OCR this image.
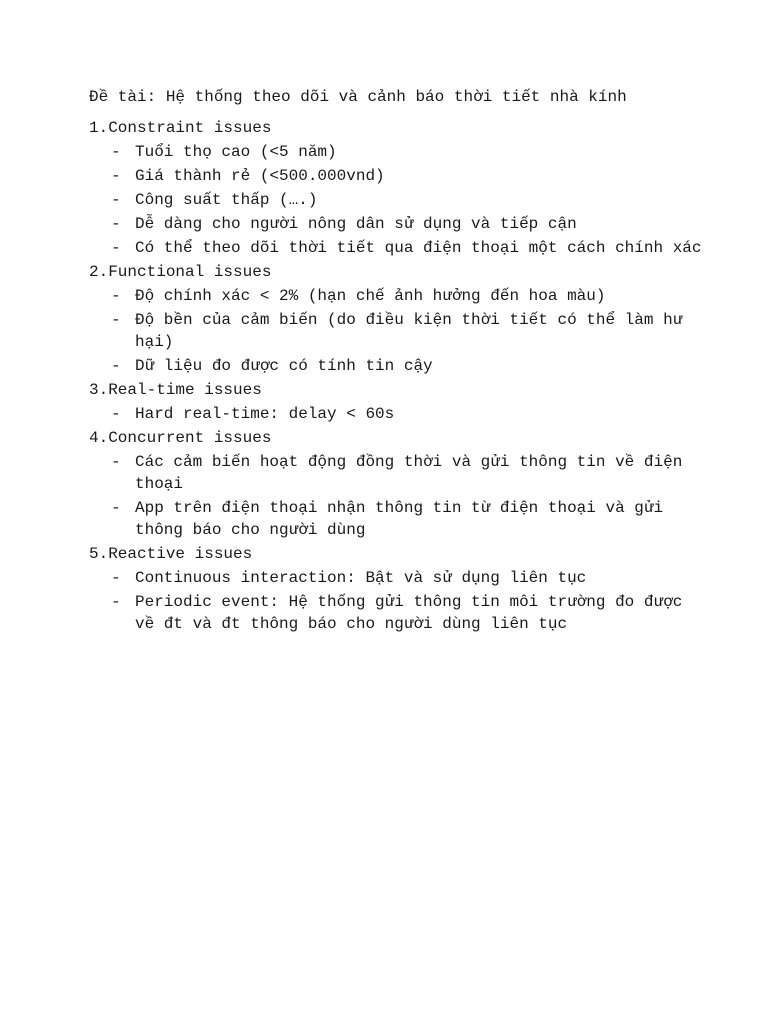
Đề tài: Hệ thống theo dõi và cảnh báo thời tiết nhà kính
1.Constraint issues
- Tuổi thọ cao (<5 năm)
- Giá thành rẻ (<500.000vnd)
- Công suất thấp (….)
- Dễ dàng cho người nông dân sử dụng và tiếp cận
- Có thể theo dõi thời tiết qua điện thoại một cách chính xác
2.Functional issues
- Độ chính xác < 2% (hạn chế ảnh hưởng đến hoa màu)
- Độ bền của cảm biến (do điều kiện thời tiết có thể làm hư hại)
- Dữ liệu đo được có tính tin cậy
3.Real-time issues
- Hard real-time: delay < 60s
4.Concurrent issues
- Các cảm biến hoạt động đồng thời và gửi thông tin về điện thoại
- App trên điện thoại nhận thông tin từ điện thoại và gửi thông báo cho người dùng
5.Reactive issues
- Continuous interaction: Bật và sử dụng liên tục
- Periodic event: Hệ thống gửi thông tin môi trường đo được về đt và đt thông báo cho người dùng liên tục
